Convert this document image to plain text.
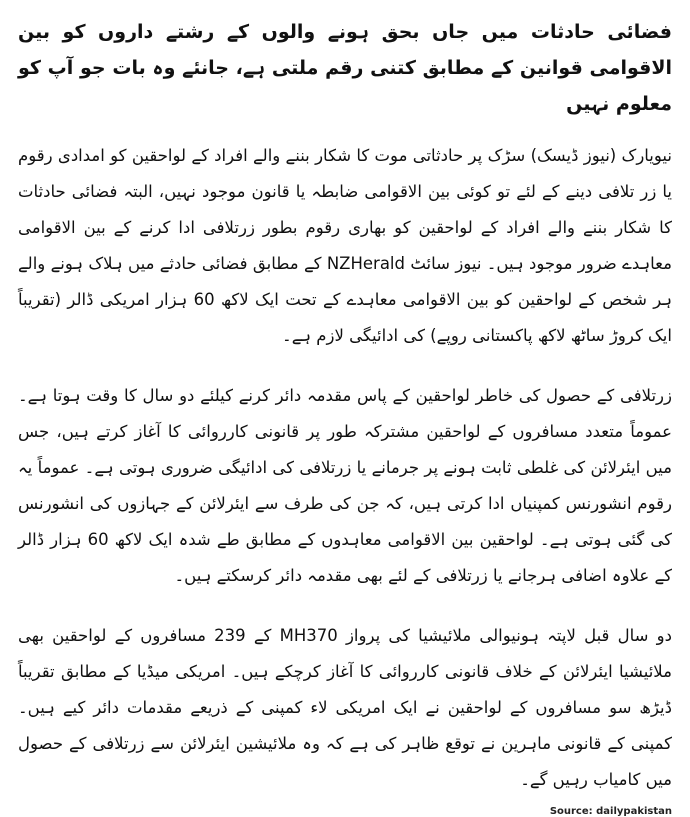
فضائی حادثات میں جاں بحق ہونے والوں کے رشتے داروں کو بین الاقوامی قوانین کے مطابق کتنی رقم ملتی ہے، جانئے وہ بات جو آپ کو معلوم نہیں

نیویارک (نیوز ڈیسک) سڑک پر حادثاتی موت کا شکار بننے والے افراد کے لواحقین کو امدادی رقوم یا زر تلافی دینے کے لئے تو کوئی بین الاقوامی ضابطہ یا قانون موجود نہیں، البتہ فضائی حادثات کا شکار بننے والے افراد کے لواحقین کو بھاری رقوم بطور زرتلافی ادا کرنے کے بین الاقوامی معاہدے ضرور موجود ہیں۔ نیوز سائٹ NZHerald کے مطابق فضائی حادثے میں ہلاک ہونے والے ہر شخص کے لواحقین کو بین الاقوامی معاہدے کے تحت ایک لاکھ 60 ہزار امریکی ڈالر (تقریباً ایک کروڑ ساٹھ لاکھ پاکستانی روپے) کی ادائیگی لازم ہے۔

زرتلافی کے حصول کی خاطر لواحقین کے پاس مقدمہ دائر کرنے کیلئے دو سال کا وقت ہوتا ہے۔ عموماً متعدد مسافروں کے لواحقین مشترکہ طور پر قانونی کارروائی کا آغاز کرتے ہیں، جس میں ایئرلائن کی غلطی ثابت ہونے پر جرمانے یا زرتلافی کی ادائیگی ضروری ہوتی ہے۔ عموماً یہ رقوم انشورنس کمپنیاں ادا کرتی ہیں، کہ جن کی طرف سے ایئرلائن کے جہازوں کی انشورنس کی گئی ہوتی ہے۔ لواحقین بین الاقوامی معاہدوں کے مطابق طے شدہ ایک لاکھ 60 ہزار ڈالر کے علاوہ اضافی ہرجانے یا زرتلافی کے لئے بھی مقدمہ دائر کرسکتے ہیں۔

دو سال قبل لاپتہ ہونیوالی ملائیشیا کی پرواز MH370 کے 239 مسافروں کے لواحقین بھی ملائیشیا ایئرلائن کے خلاف قانونی کارروائی کا آغاز کرچکے ہیں۔ امریکی میڈیا کے مطابق تقریباً ڈیڑھ سو مسافروں کے لواحقین نے ایک امریکی لاء کمپنی کے ذریعے مقدمات دائر کیے ہیں۔ کمپنی کے قانونی ماہرین نے توقع ظاہر کی ہے کہ وہ ملائیشین ایئرلائن سے زرتلافی کے حصول میں کامیاب رہیں گے۔

Source: dailypakistan
